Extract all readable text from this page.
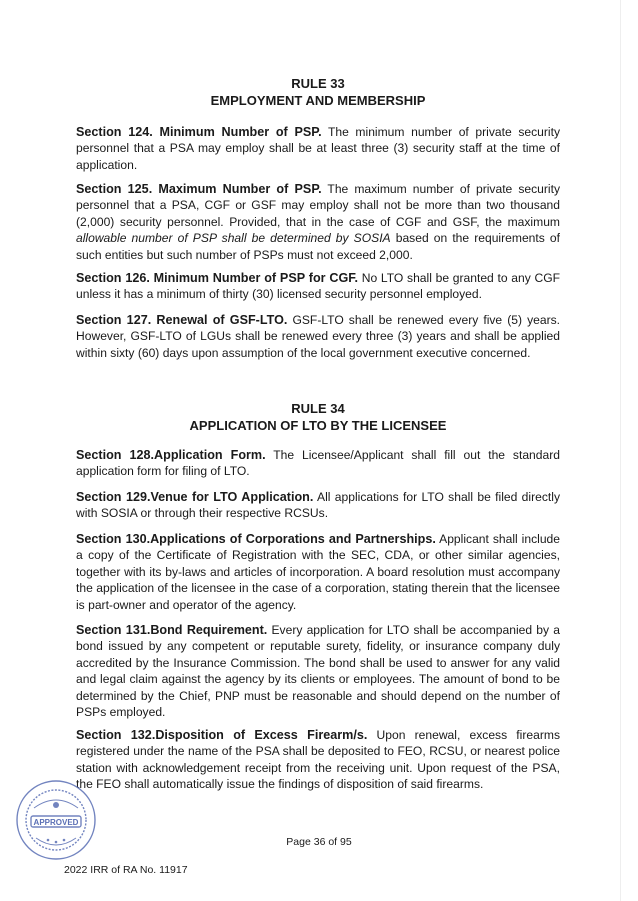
RULE 33
EMPLOYMENT AND MEMBERSHIP
Section 124. Minimum Number of PSP. The minimum number of private security personnel that a PSA may employ shall be at least three (3) security staff at the time of application.
Section 125. Maximum Number of PSP. The maximum number of private security personnel that a PSA, CGF or GSF may employ shall not be more than two thousand (2,000) security personnel. Provided, that in the case of CGF and GSF, the maximum allowable number of PSP shall be determined by SOSIA based on the requirements of such entities but such number of PSPs must not exceed 2,000.
Section 126. Minimum Number of PSP for CGF. No LTO shall be granted to any CGF unless it has a minimum of thirty (30) licensed security personnel employed.
Section 127. Renewal of GSF-LTO. GSF-LTO shall be renewed every five (5) years. However, GSF-LTO of LGUs shall be renewed every three (3) years and shall be applied within sixty (60) days upon assumption of the local government executive concerned.
RULE 34
APPLICATION OF LTO BY THE LICENSEE
Section 128.Application Form. The Licensee/Applicant shall fill out the standard application form for filing of LTO.
Section 129.Venue for LTO Application. All applications for LTO shall be filed directly with SOSIA or through their respective RCSUs.
Section 130.Applications of Corporations and Partnerships. Applicant shall include a copy of the Certificate of Registration with the SEC, CDA, or other similar agencies, together with its by-laws and articles of incorporation. A board resolution must accompany the application of the licensee in the case of a corporation, stating therein that the licensee is part-owner and operator of the agency.
Section 131.Bond Requirement. Every application for LTO shall be accompanied by a bond issued by any competent or reputable surety, fidelity, or insurance company duly accredited by the Insurance Commission. The bond shall be used to answer for any valid and legal claim against the agency by its clients or employees. The amount of bond to be determined by the Chief, PNP must be reasonable and should depend on the number of PSPs employed.
Section 132.Disposition of Excess Firearm/s. Upon renewal, excess firearms registered under the name of the PSA shall be deposited to FEO, RCSU, or nearest police station with acknowledgement receipt from the receiving unit. Upon request of the PSA, the FEO shall automatically issue the findings of disposition of said firearms.
APPROVED
Page 36 of 95
2022 IRR of RA No. 11917
